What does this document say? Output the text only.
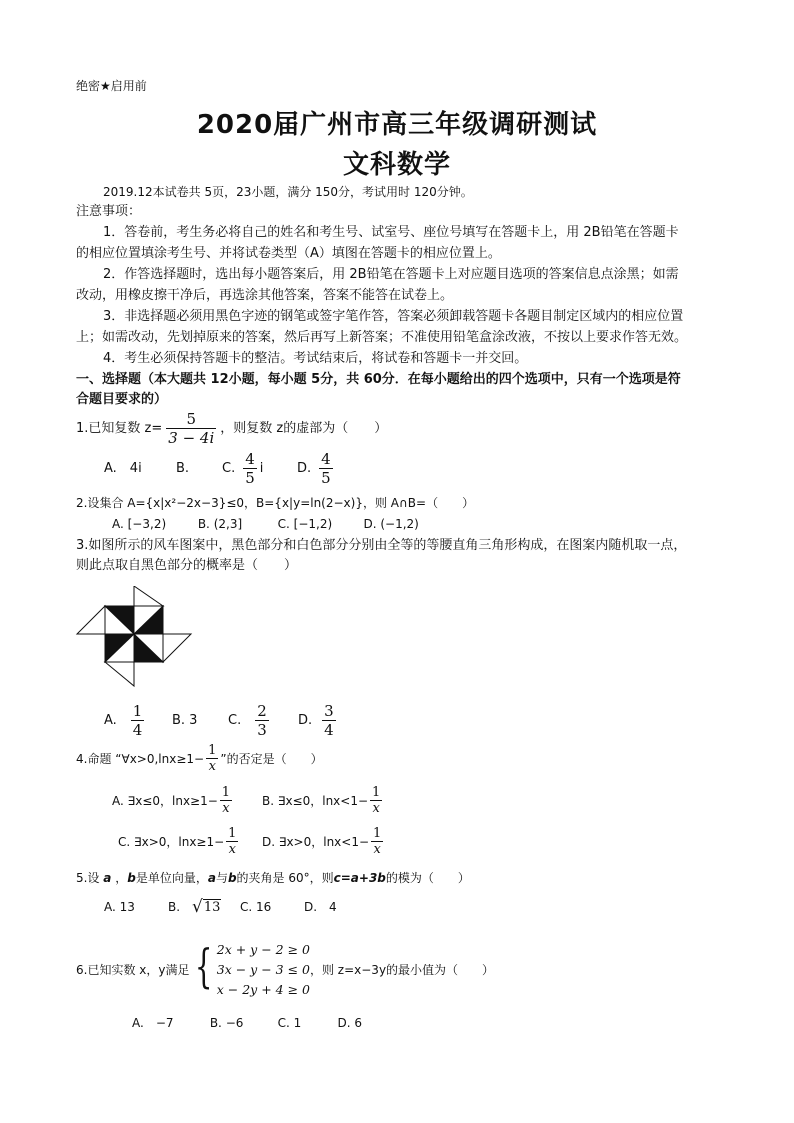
绝密★启用前
2020届广州市高三年级调研测试
文科数学
2019.12本试卷共 5页，23小题，满分 150分，考试用时 120分钟。
注意事项：
1．答卷前，考生务必将自己的姓名和考生号、试室号、座位号填写在答题卡上，用 2B铅笔在答题卡
的相应位置填涂考生号、并将试卷类型（A）填图在答题卡的相应位置上。
2．作答选择题时，选出每小题答案后，用 2B铅笔在答题卡上对应题目选项的答案信息点涂黑；如需
改动，用橡皮擦干净后，再选涂其他答案，答案不能答在试卷上。
3．非选择题必须用黑色字迹的钢笔或签字笔作答，答案必须卸载答题卡各题目制定区域内的相应位置
上；如需改动，先划掉原来的答案，然后再写上新答案；不准使用铅笔盒涂改液，不按以上要求作答无效。
4．考生必须保持答题卡的整洁。考试结束后，将试卷和答题卡一并交回。
一、选择题（本大题共 12小题，每小题 5分，共 60分．在每小题给出的四个选项中，只有一个选项是符
合题目要求的）
1.已知复数 $z= \frac{5}{3 - 4i}$ ，则复数 z的虚部为（　　）
A.　4i	B.	C. $\frac{4}{5}$ i	D. $\frac{4}{5}$
2.设集合 A={x|x²−2x−3}≤0，B={x|y=ln(2−x)}，则 A∩B=（　　）
A. [−3,2)	B. (2,3]	C. [−1,2)	D. (−1,2)
3.如图所示的风车图案中，黑色部分和白色部分分别由全等的等腰直角三角形构成，在图案内随机取一点，
则此点取自黑色部分的概率是（　　）
A. $\frac{1}{4} B$. 3	C. $\frac{2}{3} D$. $\frac{3}{4}$
4.命题 “∀x>0,lnx≥1− $\frac{1}{x}$ ”的否定是（　　）
A. ∃x≤0，$\ln x\ge 1- \frac{1}{x} B$. ∃x≤0，$\ln x<1- \frac{1}{x}$
C. ∃x>0，$\ln x\ge 1- \frac{1}{x} D$. ∃x>0，$\ln x<1- \frac{1}{x}$
5.设 a ，b是单位向量，a与b的夹角是 60°，则c=a+3b的模为（　　）
A. 13	B. √ 13 C. 16	D.　4
6.已知实数 x，y满足 { 2x + y − 2 ≥ 0
3x − y − 3 ≤ 0
x − 2y + 4 ≥ 0
，则 z=x−3y的最小值为（　　）
A.　−7	B. −6	C. 1	D. 6
